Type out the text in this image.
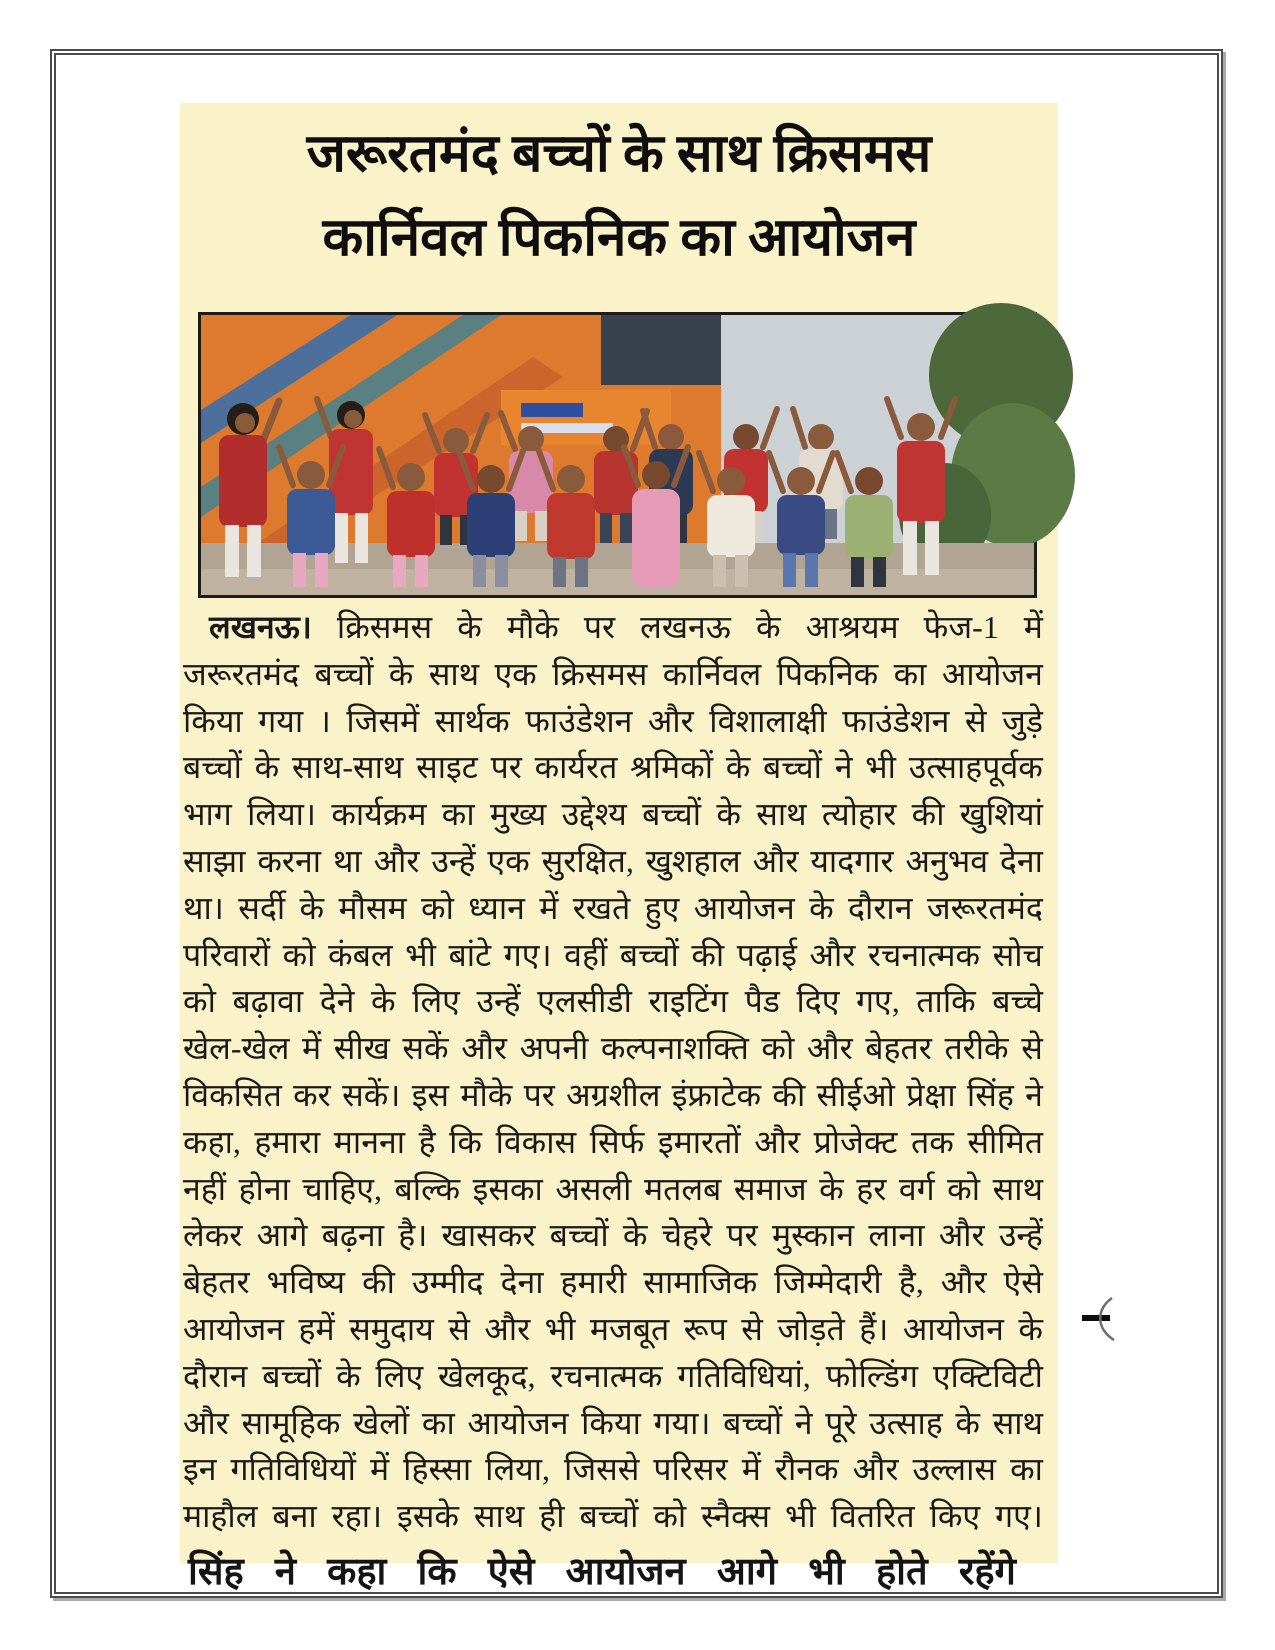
जरूरतमंद बच्चों के साथ क्रिसमस
कार्निवल पिकनिक का आयोजन
लखनऊ। क्रिसमस के मौके पर लखनऊ के आश्रयम फेज-1 में
जरूरतमंद बच्चों के साथ एक क्रिसमस कार्निवल पिकनिक का आयोजन
किया गया । जिसमें सार्थक फाउंडेशन और विशालाक्षी फाउंडेशन से जुड़े
बच्चों के साथ-साथ साइट पर कार्यरत श्रमिकों के बच्चों ने भी उत्साहपूर्वक
भाग लिया। कार्यक्रम का मुख्य उद्देश्य बच्चों के साथ त्योहार की खुशियां
साझा करना था और उन्हें एक सुरक्षित, खुशहाल और यादगार अनुभव देना
था। सर्दी के मौसम को ध्यान में रखते हुए आयोजन के दौरान जरूरतमंद
परिवारों को कंबल भी बांटे गए। वहीं बच्चों की पढ़ाई और रचनात्मक सोच
को बढ़ावा देने के लिए उन्हें एलसीडी राइटिंग पैड दिए गए, ताकि बच्चे
खेल-खेल में सीख सकें और अपनी कल्पनाशक्ति को और बेहतर तरीके से
विकसित कर सकें। इस मौके पर अग्रशील इंफ्राटेक की सीईओ प्रेक्षा सिंह ने
कहा, हमारा मानना है कि विकास सिर्फ इमारतों और प्रोजेक्ट तक सीमित
नहीं होना चाहिए, बल्कि इसका असली मतलब समाज के हर वर्ग को साथ
लेकर आगे बढ़ना है। खासकर बच्चों के चेहरे पर मुस्कान लाना और उन्हें
बेहतर भविष्य की उम्मीद देना हमारी सामाजिक जिम्मेदारी है, और ऐसे
आयोजन हमें समुदाय से और भी मजबूत रूप से जोड़ते हैं। आयोजन के
दौरान बच्चों के लिए खेलकूद, रचनात्मक गतिविधियां, फोल्डिंग एक्टिविटी
और सामूहिक खेलों का आयोजन किया गया। बच्चों ने पूरे उत्साह के साथ
इन गतिविधियों में हिस्सा लिया, जिससे परिसर में रौनक और उल्लास का
माहौल बना रहा। इसके साथ ही बच्चों को स्नैक्स भी वितरित किए गए।
सिंह ने कहा कि ऐसे आयोजन आगे भी होते रहेंगे
